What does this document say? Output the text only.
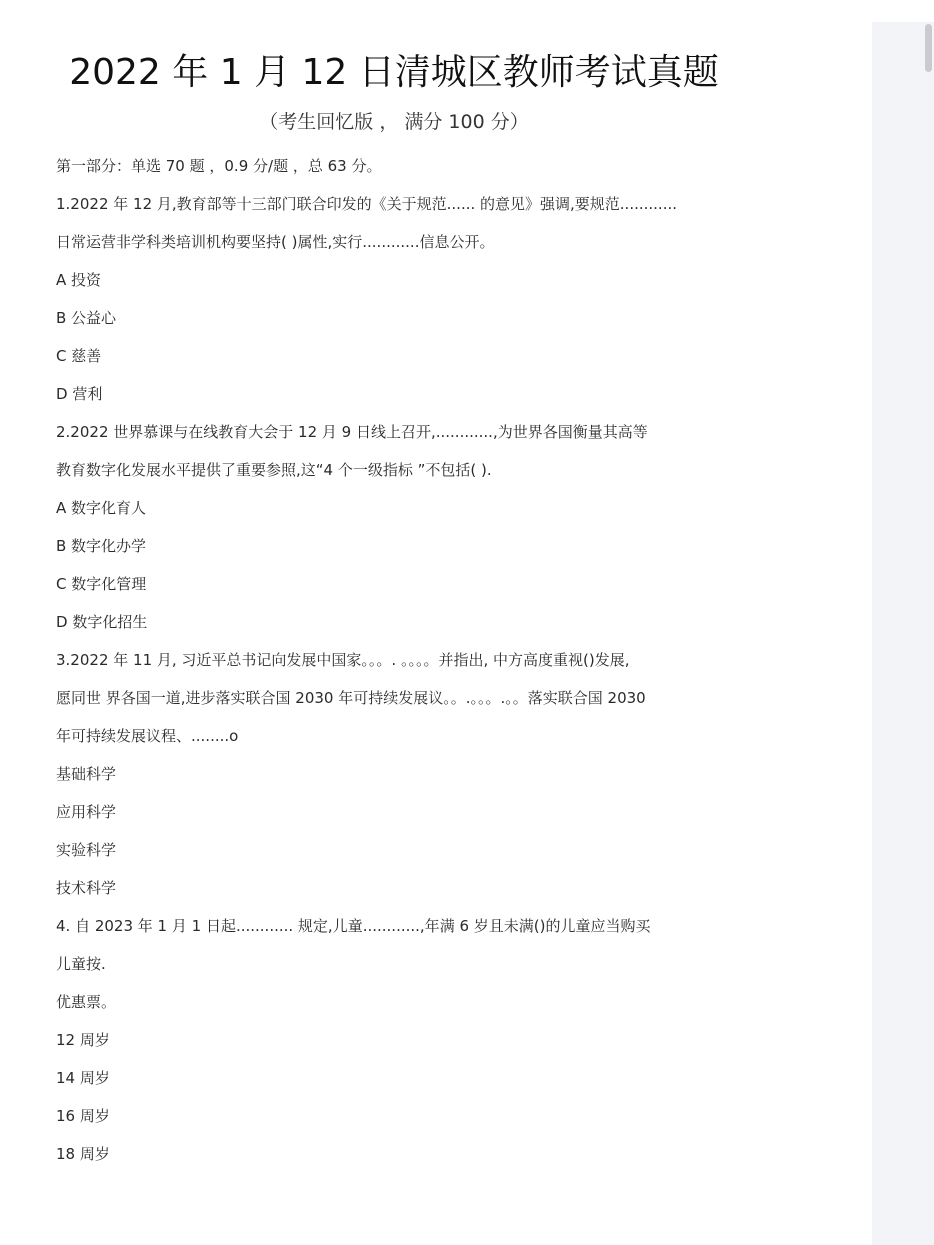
2022 年 1 月 12 日清城区教师考试真题
（考生回忆版 ， 满分 100 分）
第一部分：单选 70 题 ，0.9 分/题 ，总 63 分。
1.2022 年 12 月,教育部等十三部门联合印发的《关于规范...... 的意见》强调,要规范............
日常运营非学科类培训机构要坚持( )属性,实行............信息公开。
A 投资
B 公益心
C 慈善
D 营利
2.2022 世界慕课与在线教育大会于 12 月 9 日线上召开,............,为世界各国衡量其高等
教育数字化发展水平提供了重要参照,这“4 个一级指标 ”不包括( ).
A 数字化育人
B 数字化办学
C 数字化管理
D 数字化招生
3.2022 年 11 月, 习近平总书记向发展中国家。。。. 。。。。并指出, 中方高度重视()发展,
愿同世 界各国一道,进步落实联合国 2030 年可持续发展议。。.。。。.。。落实联合国 2030
年可持续发展议程、........o
基础科学
应用科学
实验科学
技术科学
4. 自 2023 年 1 月 1 日起............ 规定,儿童............,年满 6 岁且未满()的儿童应当购买
儿童按.
优惠票。
12 周岁
14 周岁
16 周岁
18 周岁
